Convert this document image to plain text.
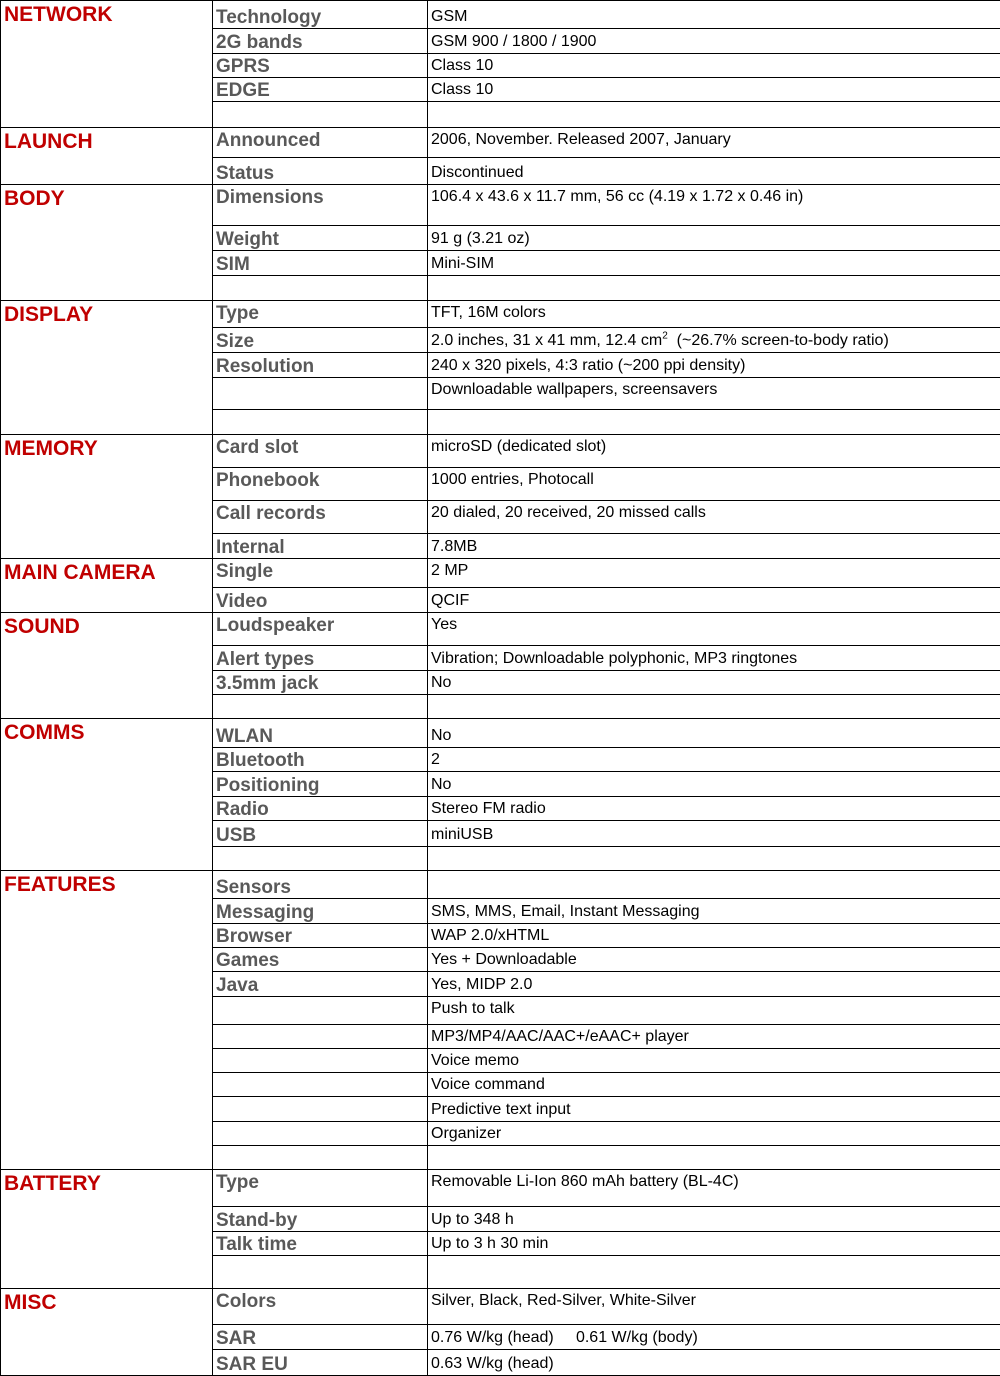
NETWORK	Technology	GSM
	2G bands	GSM 900 / 1800 / 1900
	GPRS	Class 10
	EDGE	Class 10

LAUNCH	Announced	2006, November. Released 2007, January
	Status	Discontinued
BODY	Dimensions	106.4 x 43.6 x 11.7 mm, 56 cc (4.19 x 1.72 x 0.46 in)
	Weight	91 g (3.21 oz)
	SIM	Mini-SIM

DISPLAY	Type	TFT, 16M colors
	Size	2.0 inches, 31 x 41 mm, 12.4 $cm^2$  (~26.7% screen-to-body ratio)
	Resolution	240 x 320 pixels, 4:3 ratio (~200 ppi density)
		Downloadable wallpapers, screensavers

MEMORY	Card slot	microSD (dedicated slot)
	Phonebook	1000 entries, Photocall
	Call records	20 dialed, 20 received, 20 missed calls
	Internal	7.8MB
MAIN CAMERA	Single	2 MP
	Video	QCIF
SOUND	Loudspeaker	Yes
	Alert types	Vibration; Downloadable polyphonic, MP3 ringtones
	3.5mm jack	No

COMMS	WLAN	No
	Bluetooth	2
	Positioning	No
	Radio	Stereo FM radio
	USB	miniUSB

FEATURES	Sensors	
	Messaging	SMS, MMS, Email, Instant Messaging
	Browser	WAP 2.0/xHTML
	Games	Yes + Downloadable
	Java	Yes, MIDP 2.0
		Push to talk
		MP3/MP4/AAC/AAC+/eAAC+ player
		Voice memo
		Voice command
		Predictive text input
		Organizer

BATTERY	Type	Removable Li-Ion 860 mAh battery (BL-4C)
	Stand-by	Up to 348 h
	Talk time	Up to 3 h 30 min

MISC	Colors	Silver, Black, Red-Silver, White-Silver
	SAR	0.76 W/kg (head)     0.61 W/kg (body)
	SAR EU	0.63 W/kg (head)
